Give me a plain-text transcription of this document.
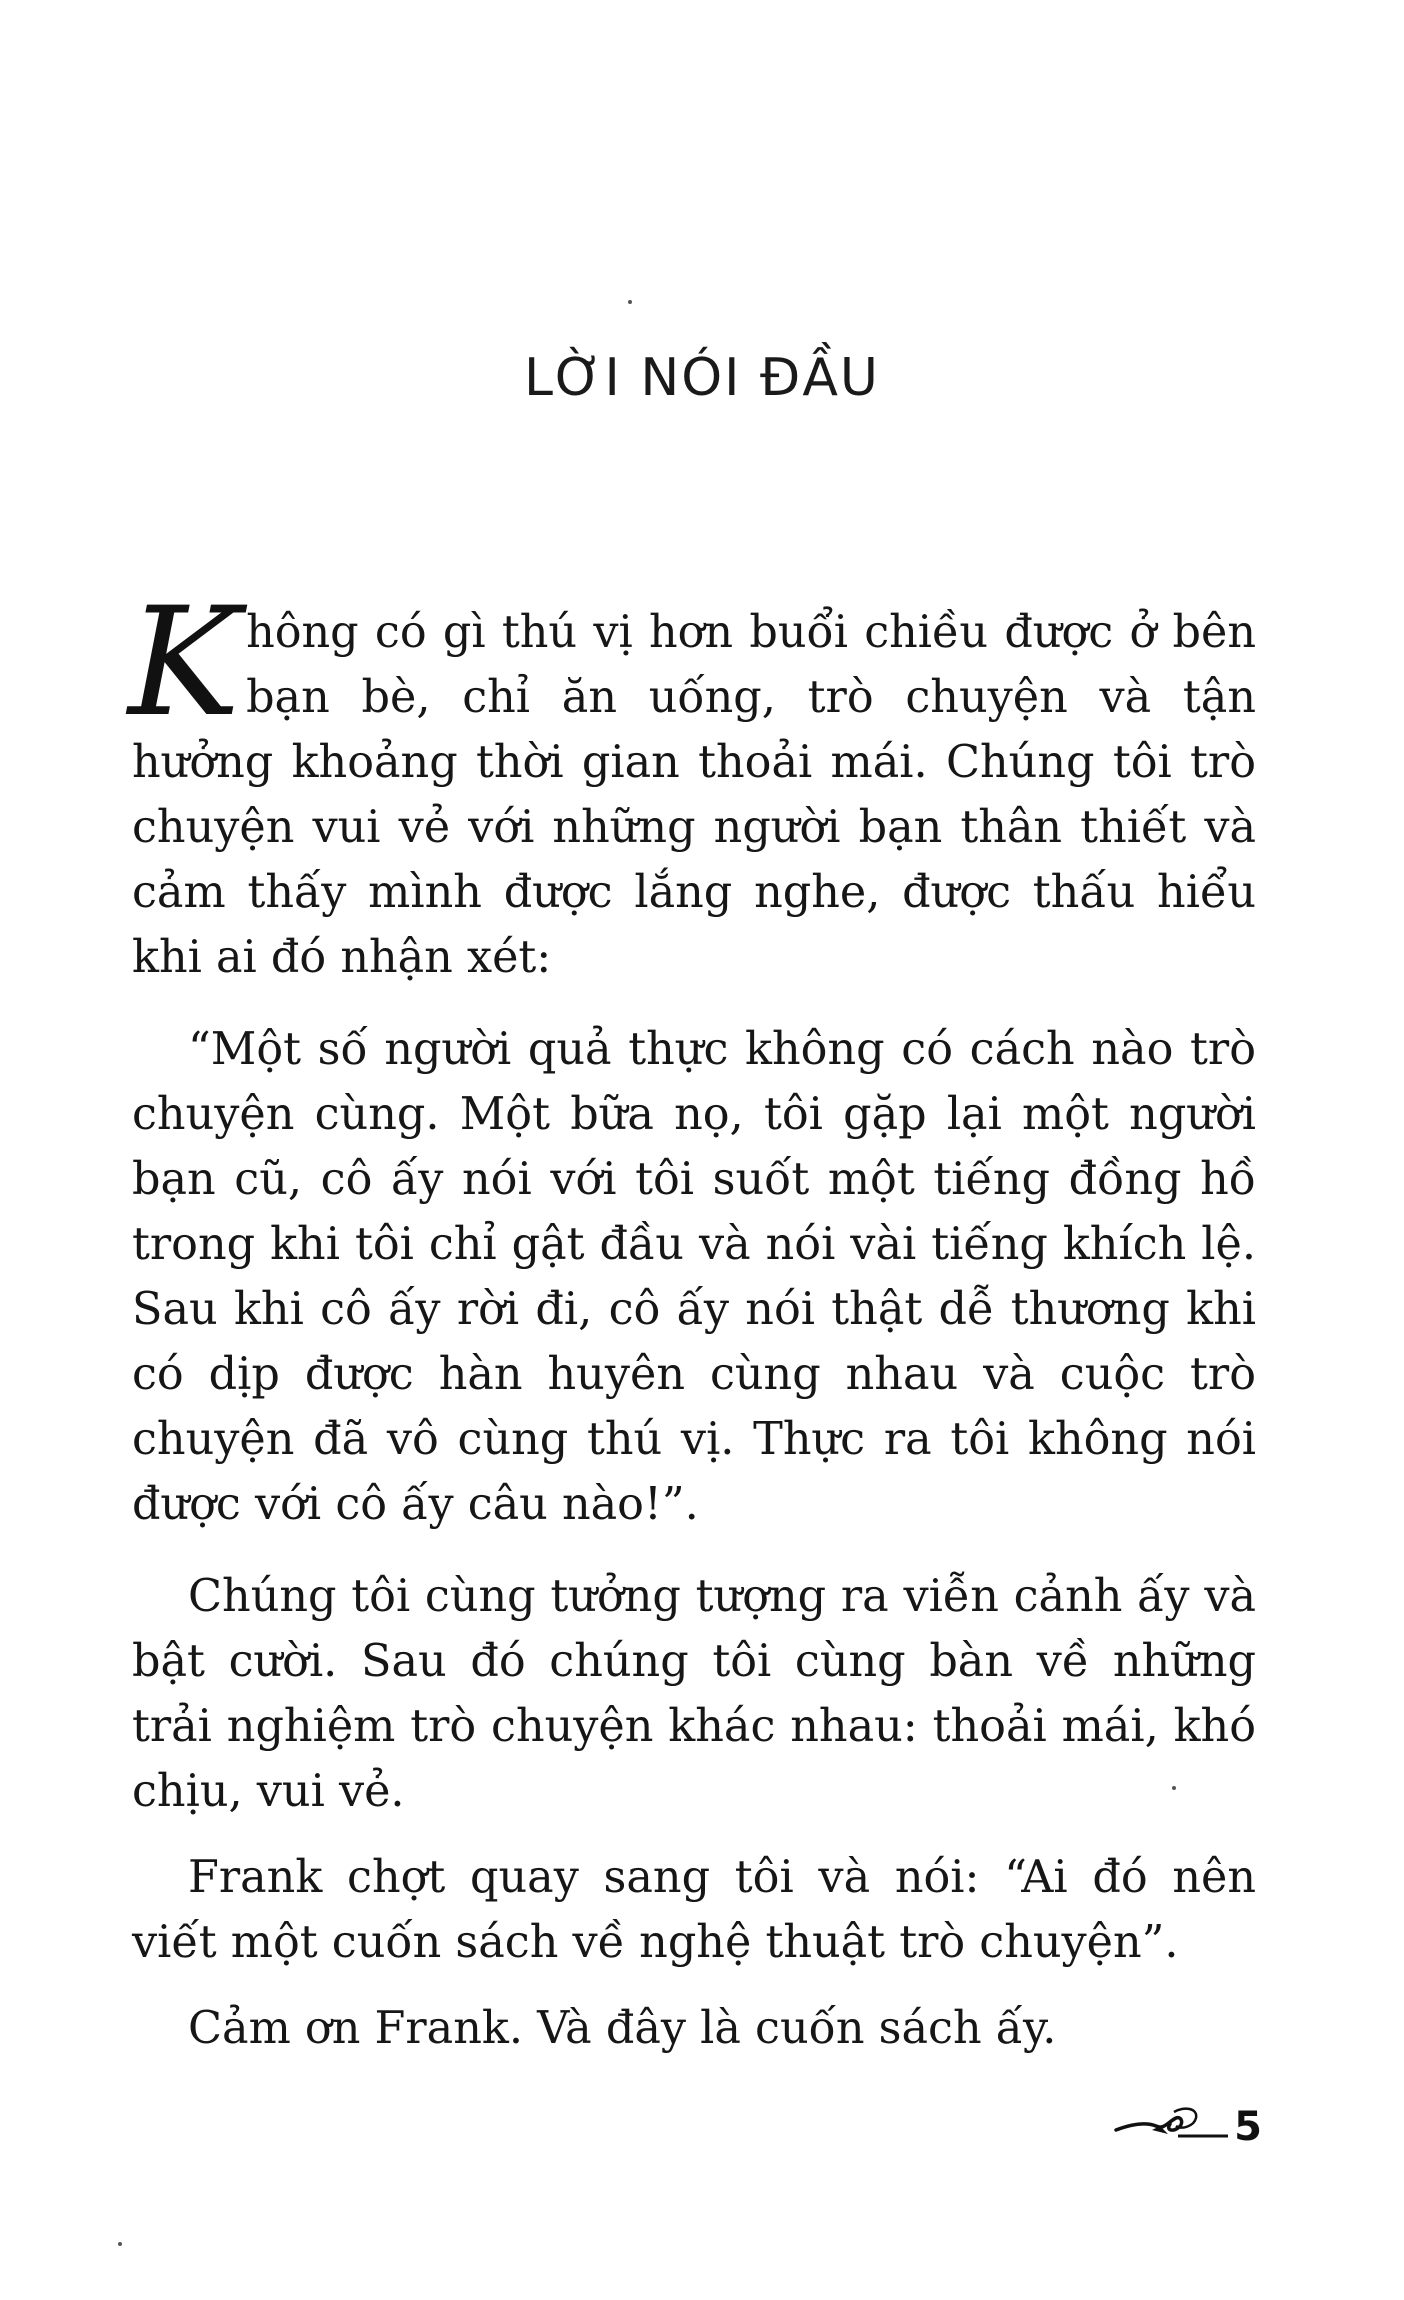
LỜI NÓI ĐẦU

Không có gì thú vị hơn buổi chiều được ở bên bạn bè, chỉ ăn uống, trò chuyện và tận hưởng khoảng thời gian thoải mái. Chúng tôi trò chuyện vui vẻ với những người bạn thân thiết và cảm thấy mình được lắng nghe, được thấu hiểu khi ai đó nhận xét:

“Một số người quả thực không có cách nào trò chuyện cùng. Một bữa nọ, tôi gặp lại một người bạn cũ, cô ấy nói với tôi suốt một tiếng đồng hồ trong khi tôi chỉ gật đầu và nói vài tiếng khích lệ. Sau khi cô ấy rời đi, cô ấy nói thật dễ thương khi có dịp được hàn huyên cùng nhau và cuộc trò chuyện đã vô cùng thú vị. Thực ra tôi không nói được với cô ấy câu nào!”.

Chúng tôi cùng tưởng tượng ra viễn cảnh ấy và bật cười. Sau đó chúng tôi cùng bàn về những trải nghiệm trò chuyện khác nhau: thoải mái, khó chịu, vui vẻ.

Frank chợt quay sang tôi và nói: “Ai đó nên viết một cuốn sách về nghệ thuật trò chuyện”.

Cảm ơn Frank. Và đây là cuốn sách ấy.

5
